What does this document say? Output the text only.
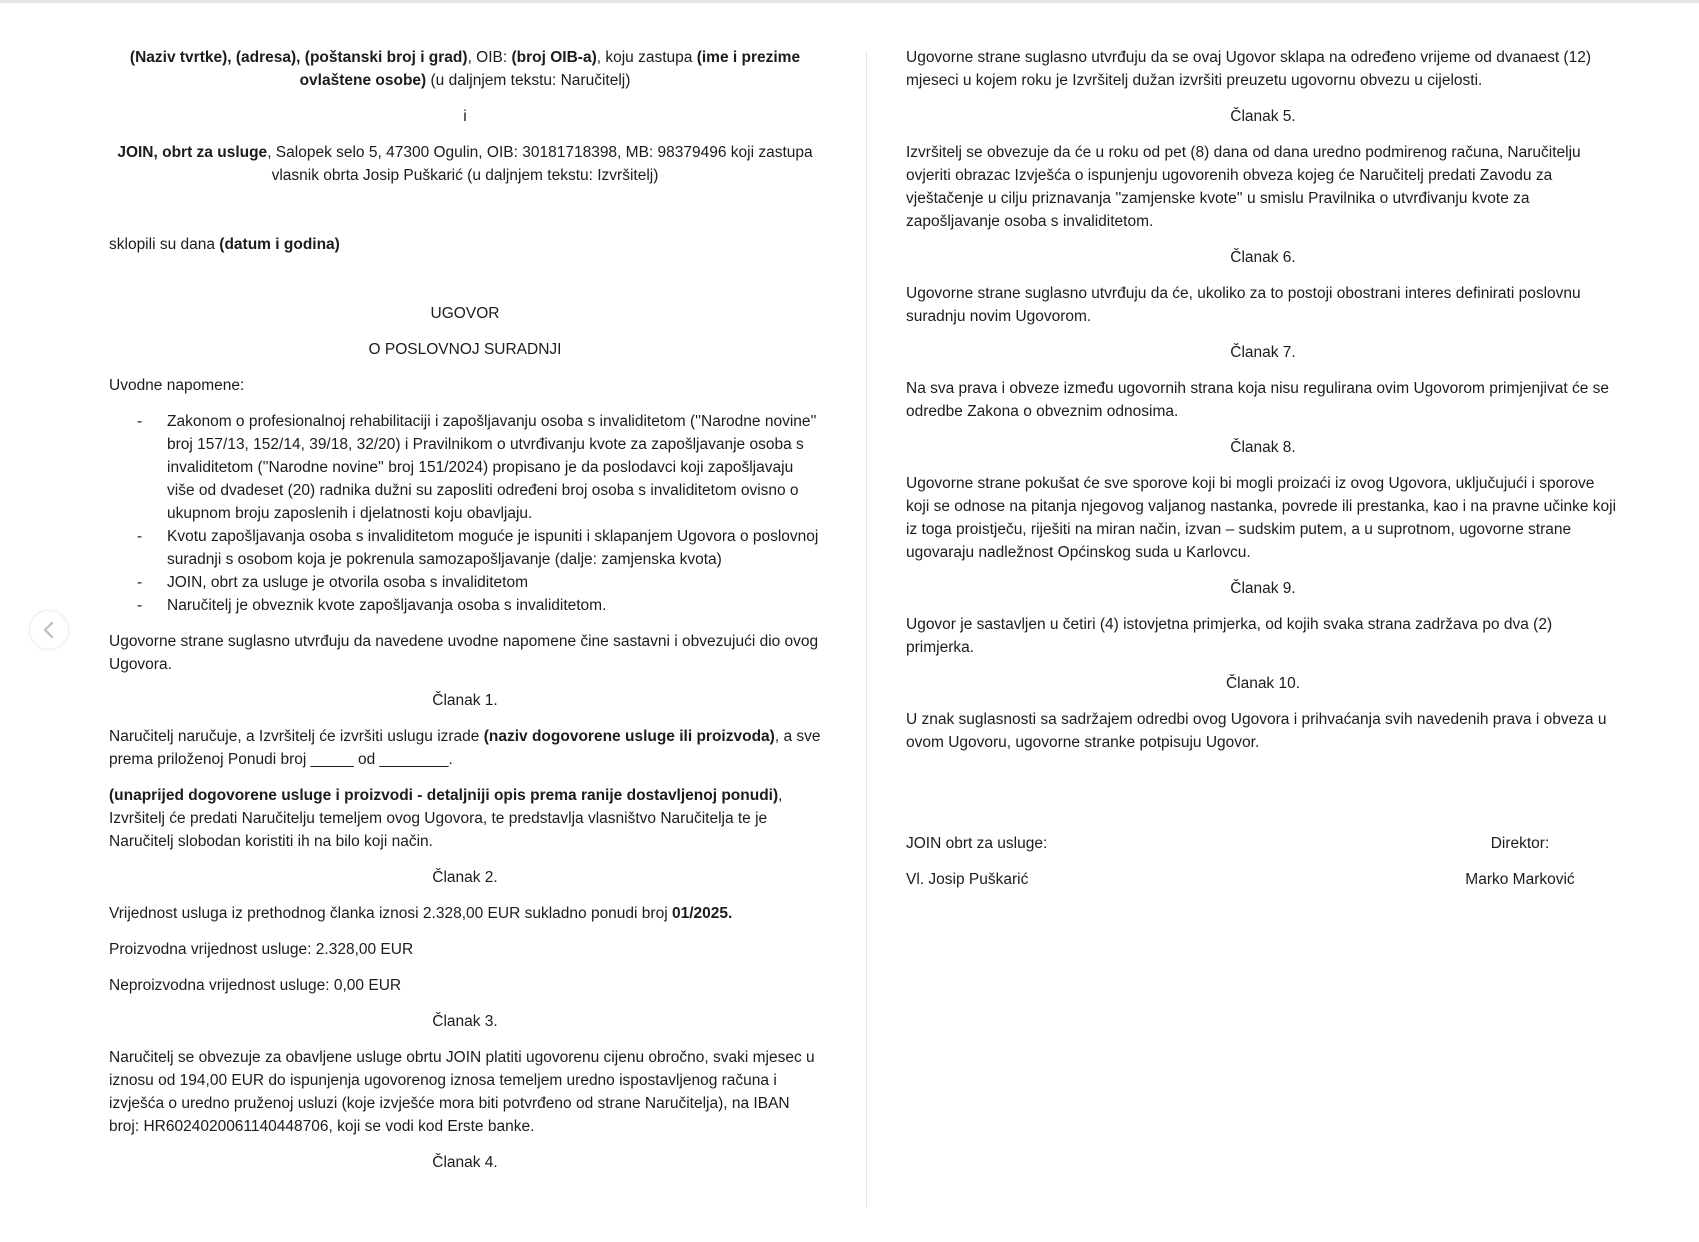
(Naziv tvrtke), (adresa), (poštanski broj i grad), OIB: (broj OIB-a), koju zastupa (ime i prezime ovlaštene osobe) (u daljnjem tekstu: Naručitelj)

i

JOIN, obrt za usluge, Salopek selo 5, 47300 Ogulin, OIB: 30181718398, MB: 98379496 koji zastupa vlasnik obrta Josip Puškarić (u daljnjem tekstu: Izvršitelj)

sklopili su dana (datum i godina)

UGOVOR

O POSLOVNOJ SURADNJI

Uvodne napomene:

- Zakonom o profesionalnoj rehabilitaciji i zapošljavanju osoba s invaliditetom (''Narodne novine'' broj 157/13, 152/14, 39/18, 32/20) i Pravilnikom o utvrđivanju kvote za zapošljavanje osoba s invaliditetom (''Narodne novine'' broj 151/2024) propisano je da poslodavci koji zapošljavaju više od dvadeset (20) radnika dužni su zaposliti određeni broj osoba s invaliditetom ovisno o ukupnom broju zaposlenih i djelatnosti koju obavljaju.
- Kvotu zapošljavanja osoba s invaliditetom moguće je ispuniti i sklapanjem Ugovora o poslovnoj suradnji s osobom koja je pokrenula samozapošljavanje (dalje: zamjenska kvota)
- JOIN, obrt za usluge je otvorila osoba s invaliditetom
- Naručitelj je obveznik kvote zapošljavanja osoba s invaliditetom.

Ugovorne strane suglasno utvrđuju da navedene uvodne napomene čine sastavni i obvezujući dio ovog Ugovora.

Članak 1.

Naručitelj naručuje, a Izvršitelj će izvršiti uslugu izrade (naziv dogovorene usluge ili proizvoda), a sve prema priloženoj Ponudi broj _____ od ________.

(unaprijed dogovorene usluge i proizvodi - detaljniji opis prema ranije dostavljenoj ponudi), Izvršitelj će predati Naručitelju temeljem ovog Ugovora, te predstavlja vlasništvo Naručitelja te je Naručitelj slobodan koristiti ih na bilo koji način.

Članak 2.

Vrijednost usluga iz prethodnog članka iznosi 2.328,00 EUR sukladno ponudi broj 01/2025.

Proizvodna vrijednost usluge: 2.328,00 EUR

Neproizvodna vrijednost usluge: 0,00 EUR

Članak 3.

Naručitelj se obvezuje za obavljene usluge obrtu JOIN platiti ugovorenu cijenu obročno, svaki mjesec u iznosu od 194,00 EUR do ispunjenja ugovorenog iznosa temeljem uredno ispostavljenog računa i izvješća o uredno pruženoj usluzi (koje izvješće mora biti potvrđeno od strane Naručitelja), na IBAN broj: HR6024020061140448706, koji se vodi kod Erste banke.

Članak 4.

Ugovorne strane suglasno utvrđuju da se ovaj Ugovor sklapa na određeno vrijeme od dvanaest (12) mjeseci u kojem roku je Izvršitelj dužan izvršiti preuzetu ugovornu obvezu u cijelosti.

Članak 5.

Izvršitelj se obvezuje da će u roku od pet (8) dana od dana uredno podmirenog računa, Naručitelju ovjeriti obrazac Izvješća o ispunjenju ugovorenih obveza kojeg će Naručitelj predati Zavodu za vještačenje u cilju priznavanja ''zamjenske kvote'' u smislu Pravilnika o utvrđivanju kvote za zapošljavanje osoba s invaliditetom.

Članak 6.

Ugovorne strane suglasno utvrđuju da će, ukoliko za to postoji obostrani interes definirati poslovnu suradnju novim Ugovorom.

Članak 7.

Na sva prava i obveze između ugovornih strana koja nisu regulirana ovim Ugovorom primjenjivat će se odredbe Zakona o obveznim odnosima.

Članak 8.

Ugovorne strane pokušat će sve sporove koji bi mogli proizaći iz ovog Ugovora, uključujući i sporove koji se odnose na pitanja njegovog valjanog nastanka, povrede ili prestanka, kao i na pravne učinke koji iz toga proistječu, riješiti na miran način, izvan – sudskim putem, a u suprotnom, ugovorne strane ugovaraju nadležnost Općinskog suda u Karlovcu.

Članak 9.

Ugovor je sastavljen u četiri (4) istovjetna primjerka, od kojih svaka strana zadržava po dva (2) primjerka.

Članak 10.

U znak suglasnosti sa sadržajem odredbi ovog Ugovora i prihvaćanja svih navedenih prava i obveza u ovom Ugovoru, ugovorne stranke potpisuju Ugovor.

JOIN obrt za usluge:	Direktor:
Vl. Josip Puškarić	Marko Marković
